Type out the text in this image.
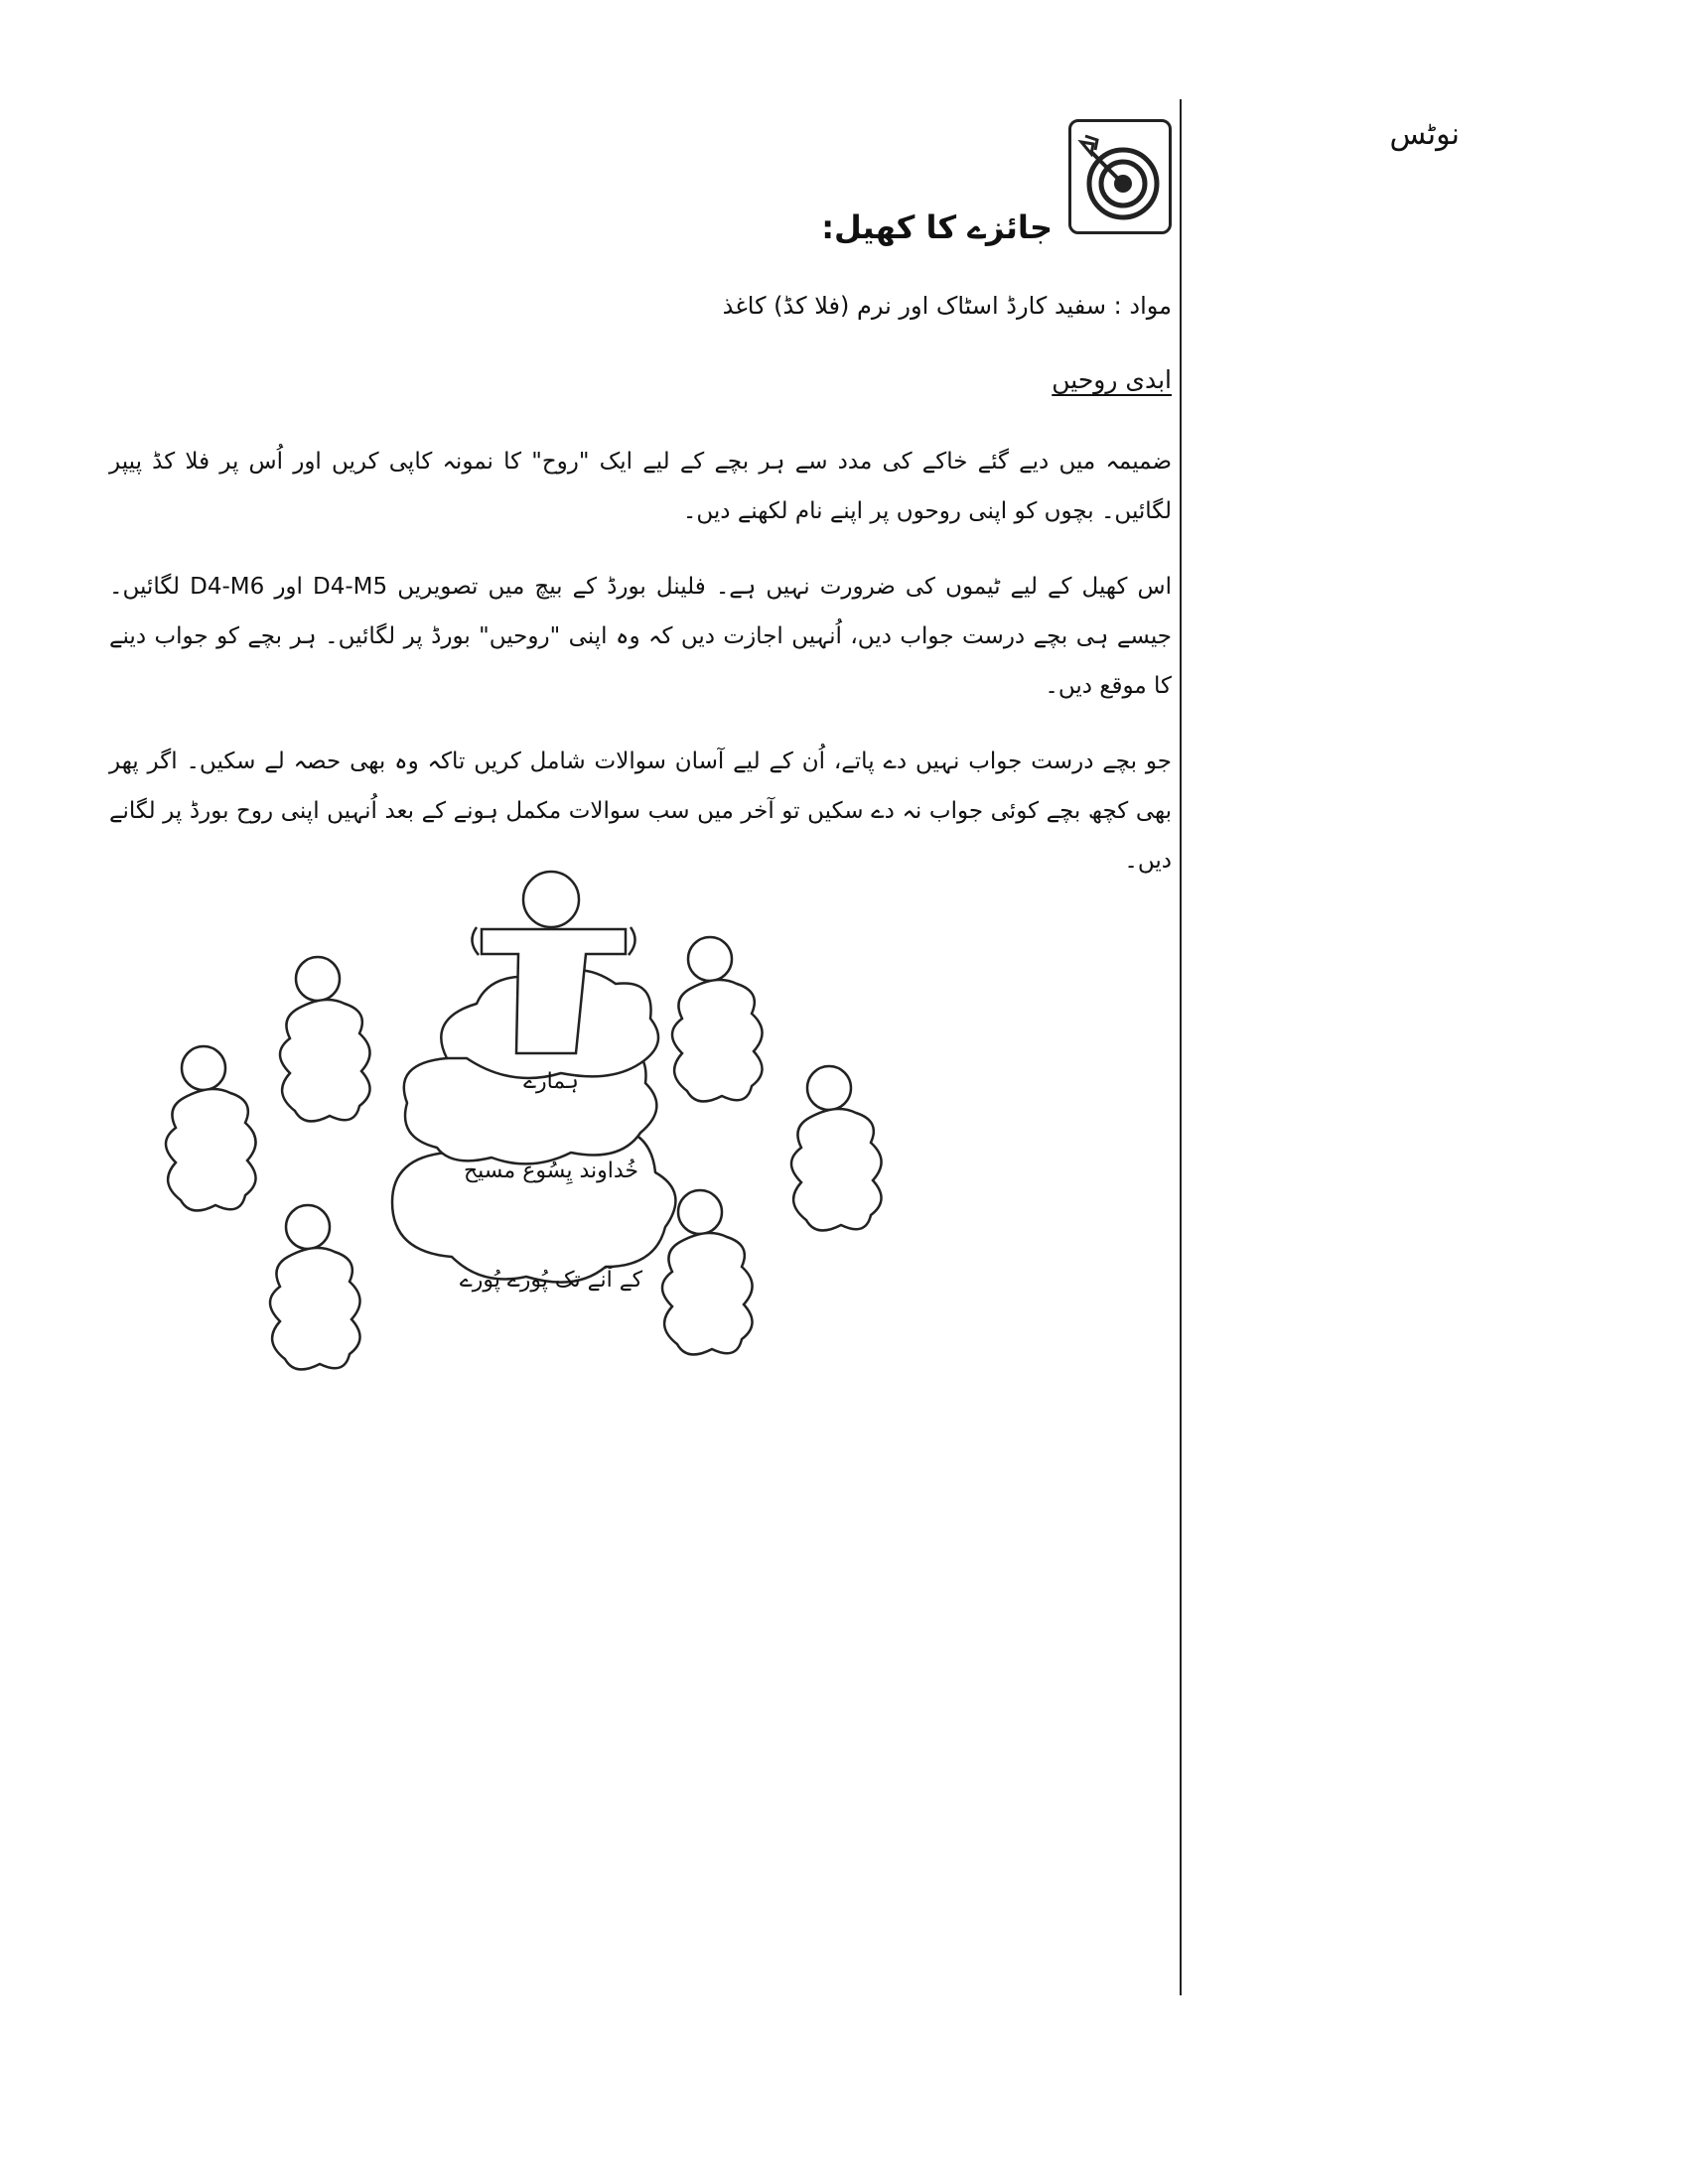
نوٹس
جائزے کا کھیل:
مواد : سفید کارڈ اسٹاک اور نرم (فلا کڈ) کاغذ
ابدی روحیں

ضمیمہ میں دیے گئے خاکے کی مدد سے ہر بچے کے لیے ایک "روح" کا نمونہ کاپی کریں اور اُس پر فلا کڈ پیپر لگائیں۔ بچوں کو اپنی روحوں پر اپنے نام لکھنے دیں۔

اس کھیل کے لیے ٹیموں کی ضرورت نہیں ہے۔ فلینل بورڈ کے بیچ میں تصویریں D4-M5 اور D4-M6 لگائیں۔ جیسے ہی بچے درست جواب دیں، اُنہیں اجازت دیں کہ وہ اپنی "روحیں" بورڈ پر لگائیں۔ ہر بچے کو جواب دینے کا موقع دیں۔

جو بچے درست جواب نہیں دے پاتے، اُن کے لیے آسان سوالات شامل کریں تاکہ وہ بھی حصہ لے سکیں۔ اگر پھر بھی کچھ بچے کوئی جواب نہ دے سکیں تو آخر میں سب سوالات مکمل ہونے کے بعد اُنہیں اپنی روح بورڈ پر لگانے دیں۔

ہمارے
خُداوند یِسُوع مسیح
کے آنے تک پُورے پُورے
